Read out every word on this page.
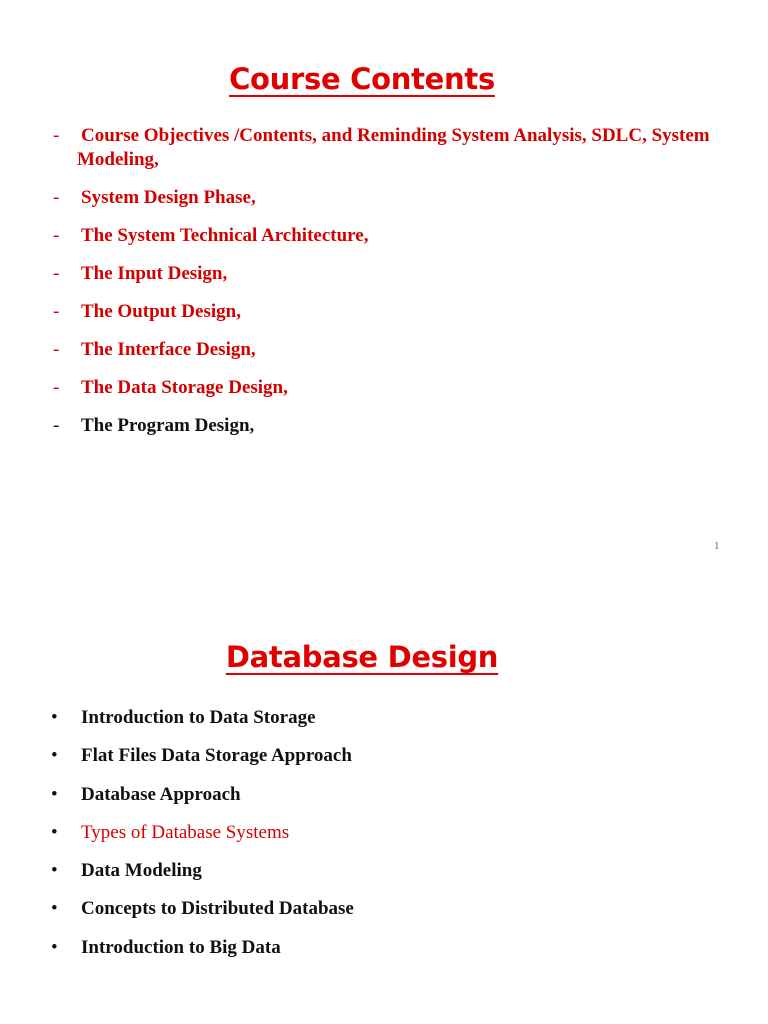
Course Contents
- Course Objectives /Contents, and Reminding System Analysis, SDLC, System Modeling,
- System Design Phase,
- The System Technical Architecture,
- The Input Design,
- The Output Design,
- The Interface Design,
- The Data Storage Design,
- The Program Design,
1
Database Design
• Introduction to Data Storage
• Flat Files Data Storage Approach
• Database Approach
• Types of Database Systems
• Data Modeling
• Concepts to Distributed Database
• Introduction to Big Data
